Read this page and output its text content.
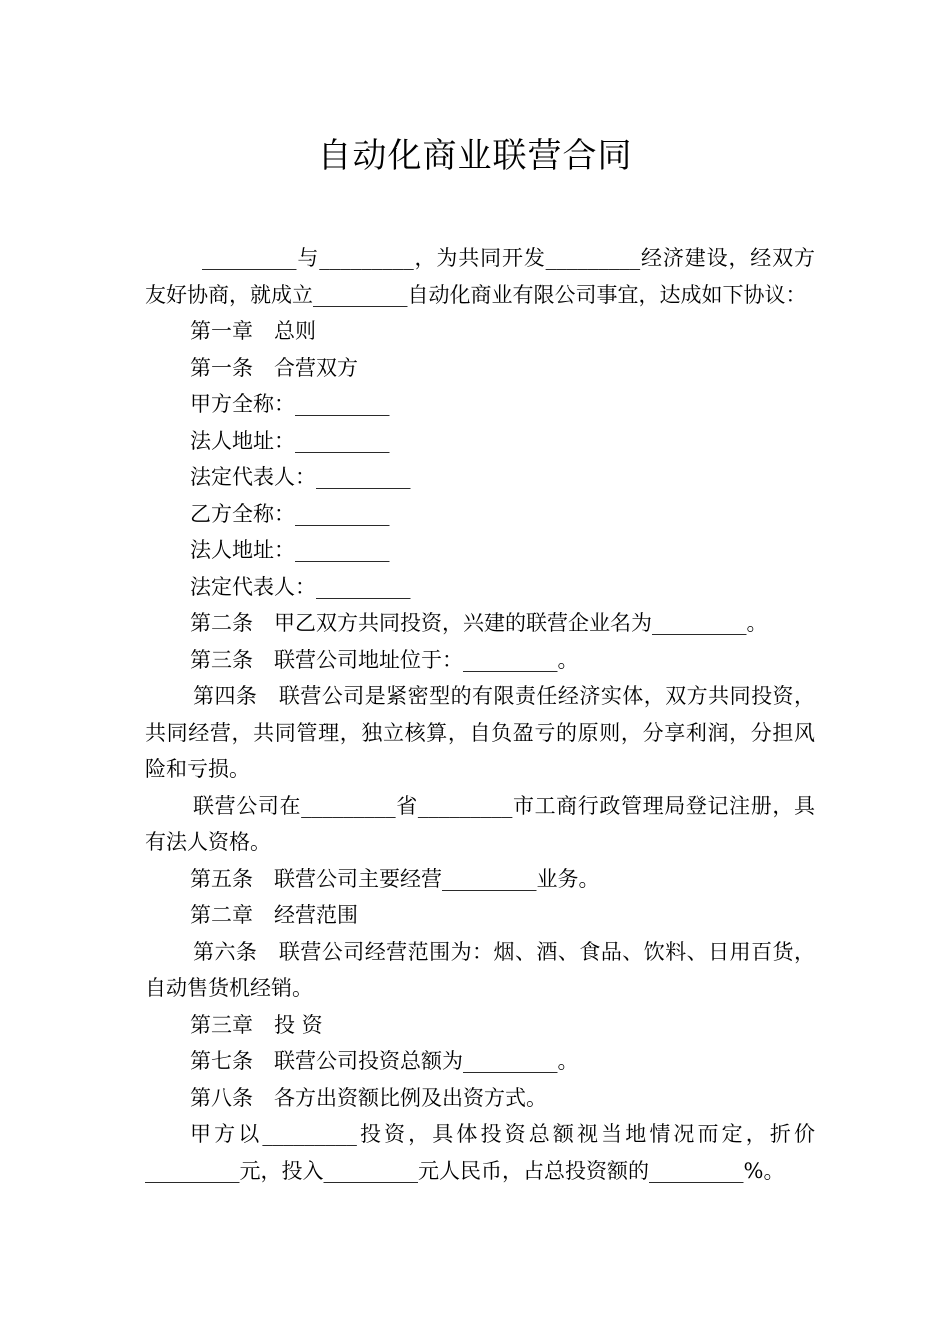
自动化商业联营合同

_________与_________，为共同开发_________经济建设，经双方友好协商，就成立_________自动化商业有限公司事宜，达成如下协议：

第一章　总则

第一条　合营双方

甲方全称：_________

法人地址：_________

法定代表人：_________

乙方全称：_________

法人地址：_________

法定代表人：_________

第二条　甲乙双方共同投资，兴建的联营企业名为_________。

第三条　联营公司地址位于：_________。

第四条　联营公司是紧密型的有限责任经济实体，双方共同投资，共同经营，共同管理，独立核算，自负盈亏的原则，分享利润，分担风险和亏损。

联营公司在_________省_________市工商行政管理局登记注册，具有法人资格。

第五条　联营公司主要经营_________业务。

第二章　经营范围

第六条　联营公司经营范围为：烟、酒、食品、饮料、日用百货，自动售货机经销。

第三章　投 资

第七条　联营公司投资总额为_________。

第八条　各方出资额比例及出资方式。

甲方以_________投资，具体投资总额视当地情况而定，折价_________元，投入_________元人民币，占总投资额的_________%。
